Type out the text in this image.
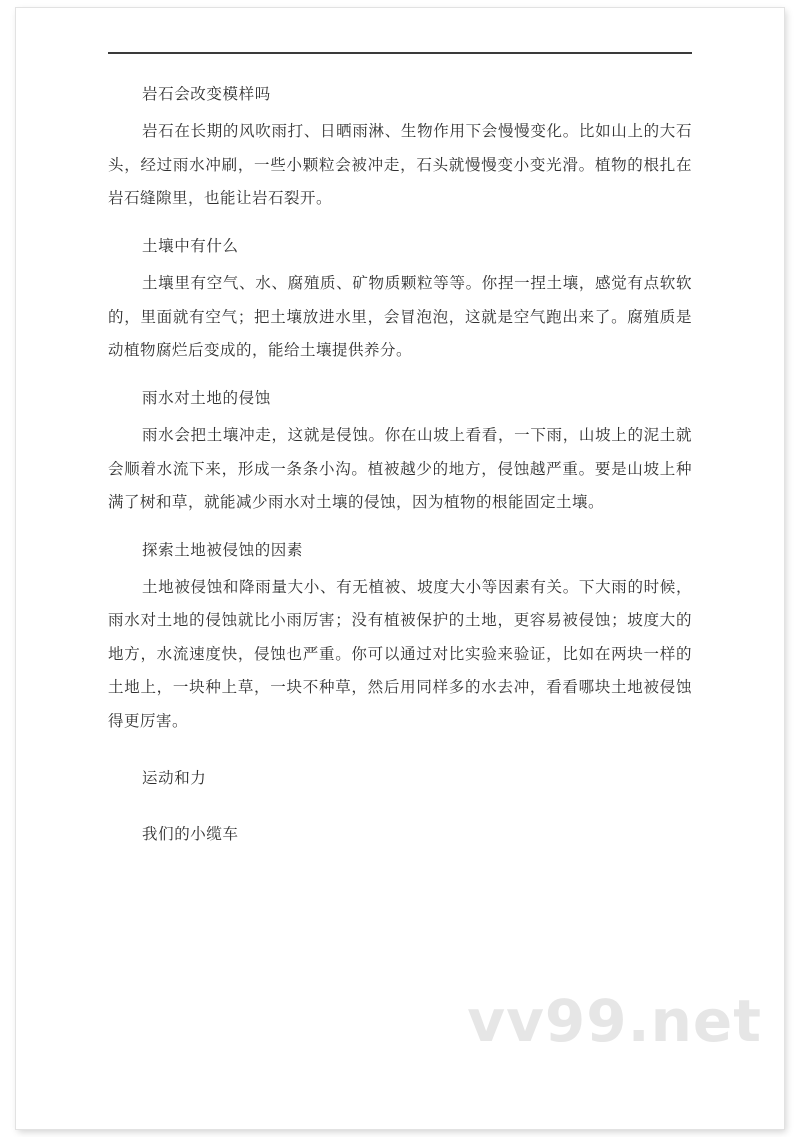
岩石会改变模样吗

岩石在长期的风吹雨打、日晒雨淋、生物作用下会慢慢变化。比如山上的大石头，经过雨水冲刷，一些小颗粒会被冲走，石头就慢慢变小变光滑。植物的根扎在岩石缝隙里，也能让岩石裂开。

土壤中有什么

土壤里有空气、水、腐殖质、矿物质颗粒等等。你捏一捏土壤，感觉有点软软的，里面就有空气；把土壤放进水里，会冒泡泡，这就是空气跑出来了。腐殖质是动植物腐烂后变成的，能给土壤提供养分。

雨水对土地的侵蚀

雨水会把土壤冲走，这就是侵蚀。你在山坡上看看，一下雨，山坡上的泥土就会顺着水流下来，形成一条条小沟。植被越少的地方，侵蚀越严重。要是山坡上种满了树和草，就能减少雨水对土壤的侵蚀，因为植物的根能固定土壤。

探索土地被侵蚀的因素

土地被侵蚀和降雨量大小、有无植被、坡度大小等因素有关。下大雨的时候，雨水对土地的侵蚀就比小雨厉害；没有植被保护的土地，更容易被侵蚀；坡度大的地方，水流速度快，侵蚀也严重。你可以通过对比实验来验证，比如在两块一样的土地上，一块种上草，一块不种草，然后用同样多的水去冲，看看哪块土地被侵蚀得更厉害。

运动和力
我们的小缆车
vv99.net
